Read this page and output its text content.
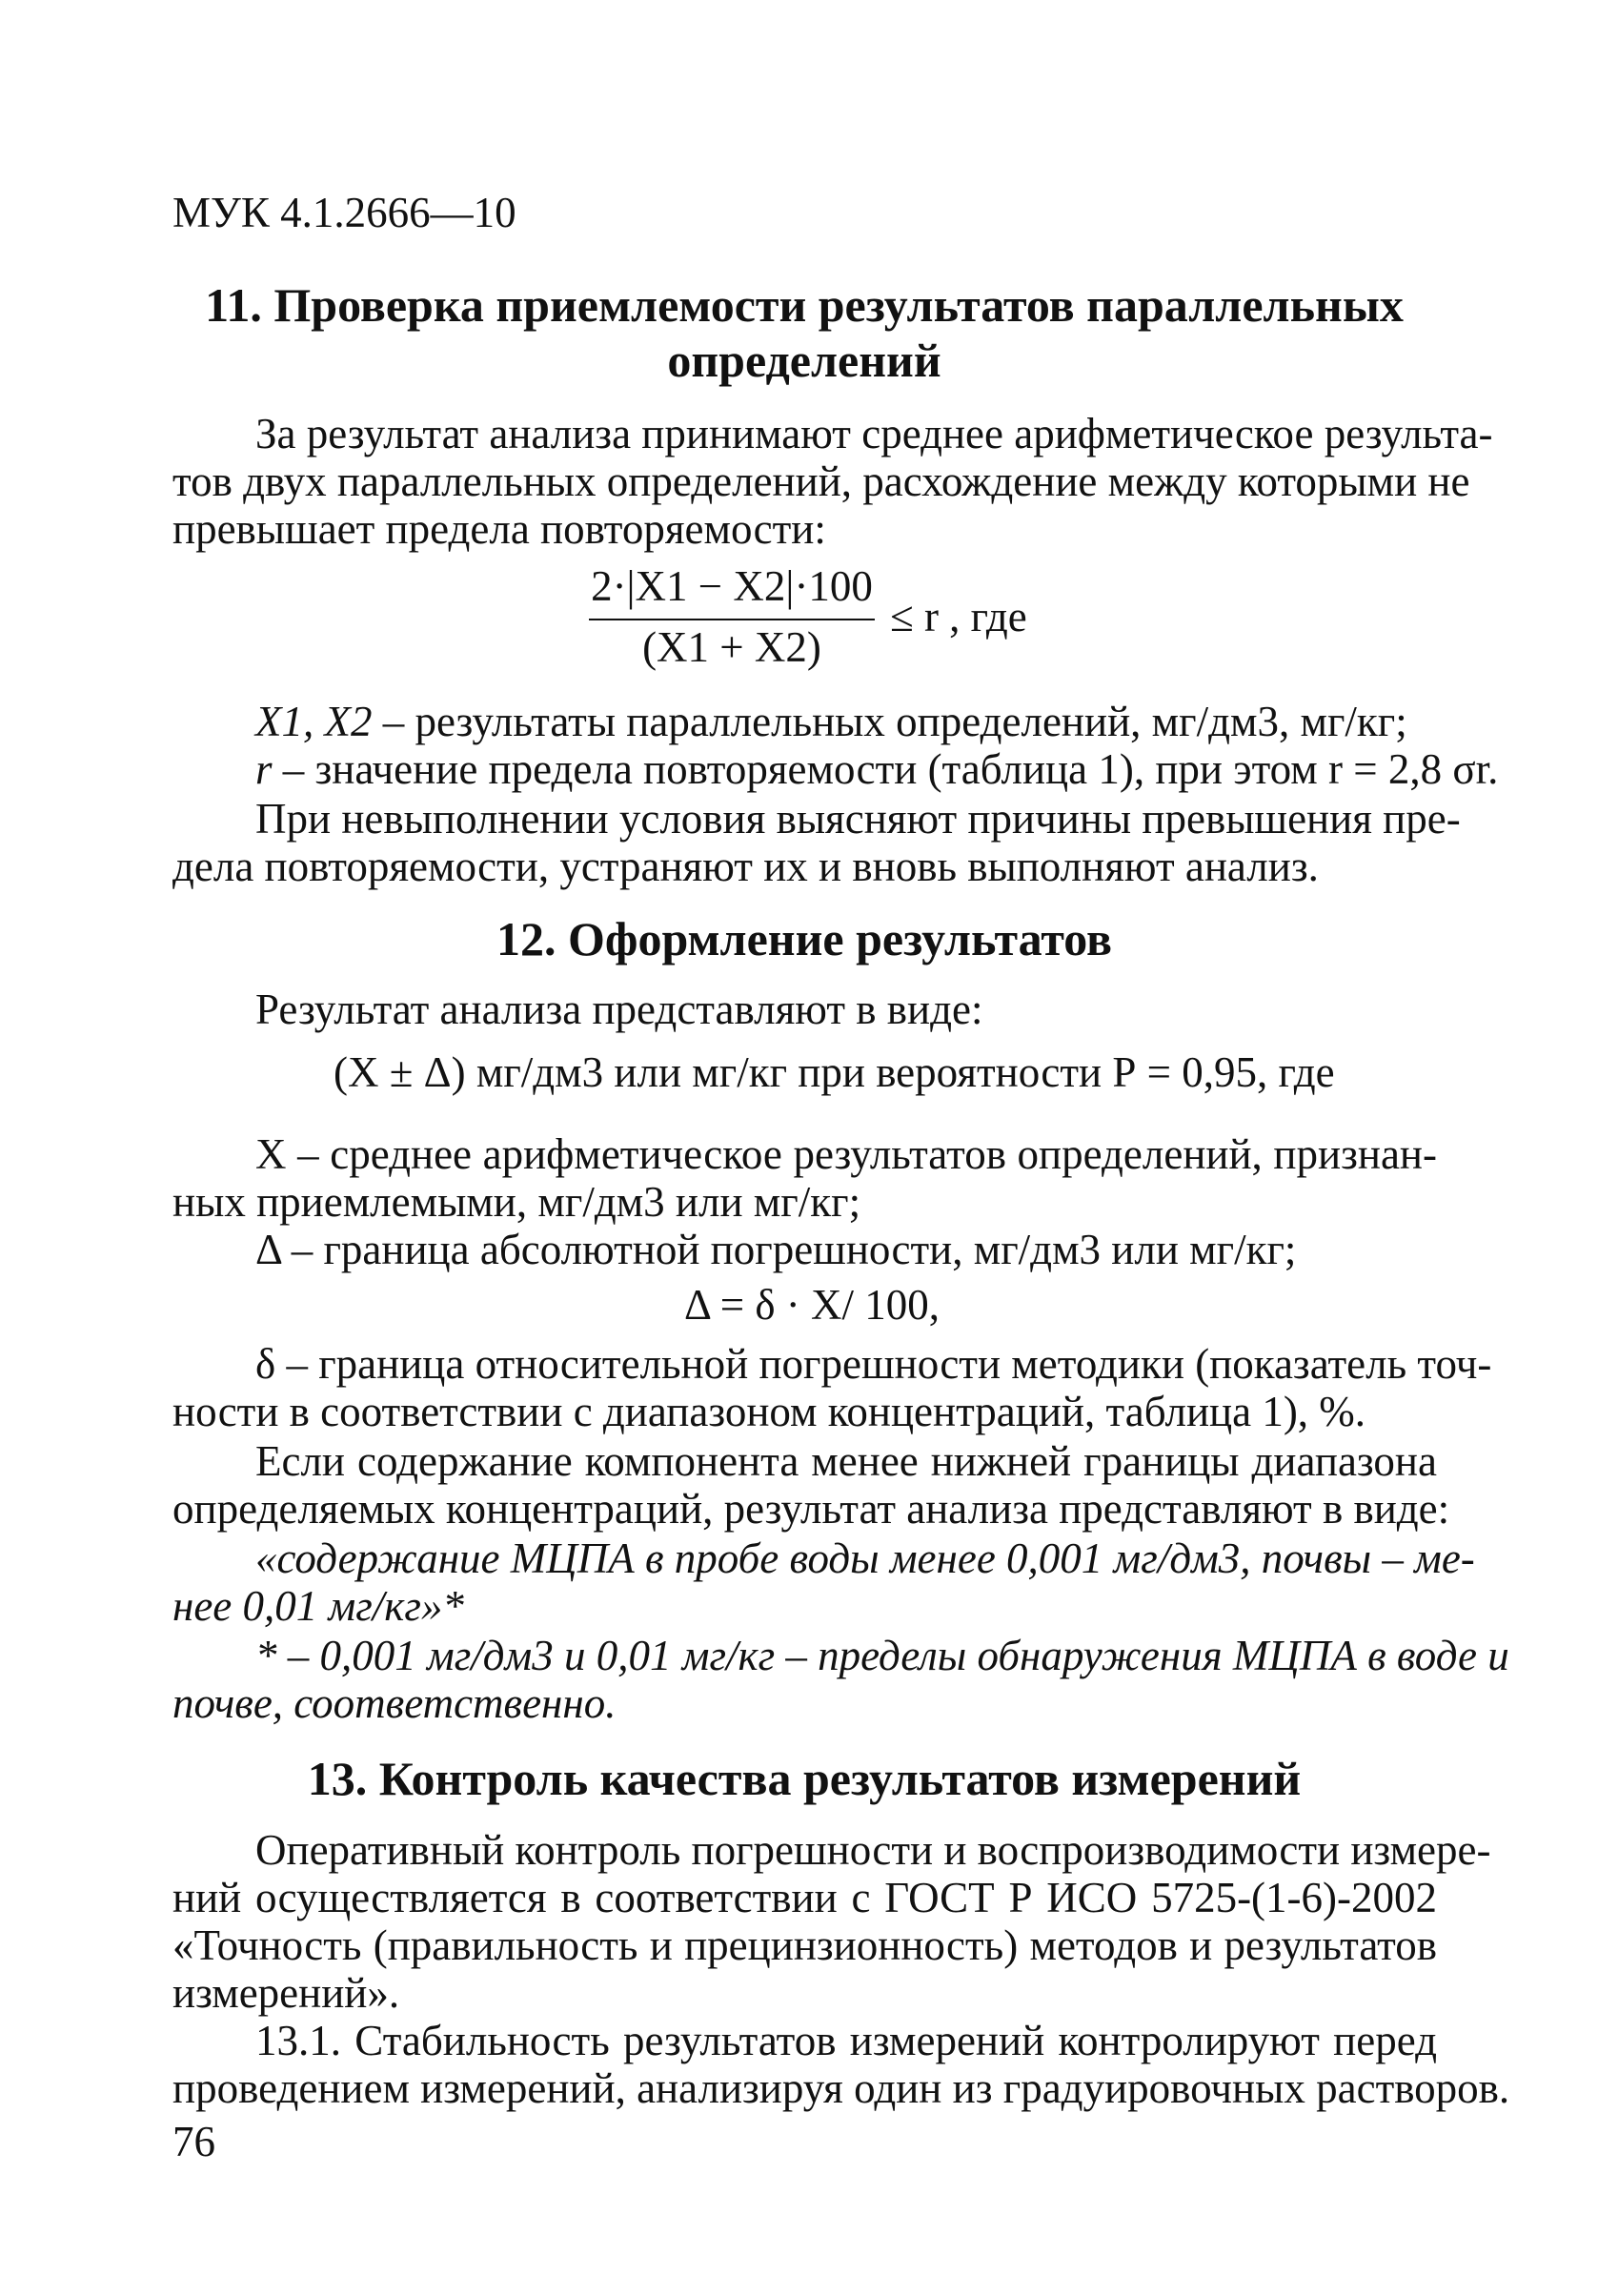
МУК 4.1.2666—10
11. Проверка приемлемости результатов параллельных
определений
За результат анализа принимают среднее арифметическое результа-
тов двух параллельных определений, расхождение между которыми не
превышает предела повторяемости:
2·|X1 − X2|·100
(X1 + X2)
≤ r , где
X1, X2 – результаты параллельных определений, мг/дм3, мг/кг;
r – значение предела повторяемости (таблица 1), при этом r = 2,8 σr.
При невыполнении условия выясняют причины превышения пре-
дела повторяемости, устраняют их и вновь выполняют анализ.
12. Оформление результатов
Результат анализа представляют в виде:
(X ± Δ) мг/дм3 или мг/кг при вероятности Р = 0,95, где
X – среднее арифметическое результатов определений, признан-
ных приемлемыми, мг/дм3 или мг/кг;
Δ – граница абсолютной погрешности, мг/дм3 или мг/кг;
Δ = δ · X/ 100,
δ – граница относительной погрешности методики (показатель точ-
ности в соответствии с диапазоном концентраций, таблица 1), %.
Если содержание компонента менее нижней границы диапазона
определяемых концентраций, результат анализа представляют в виде:
«содержание МЦПА в пробе воды менее 0,001 мг/дм3, почвы – ме-
нее 0,01 мг/кг»*
* – 0,001 мг/дм3 и 0,01 мг/кг – пределы обнаружения МЦПА в воде и
почве, соответственно.
13. Контроль качества результатов измерений
Оперативный контроль погрешности и воспроизводимости измере-
ний осуществляется в соответствии с ГОСТ Р ИСО 5725-(1-6)-2002
«Точность (правильность и прецинзионность) методов и результатов
измерений».
13.1. Стабильность результатов измерений контролируют перед
проведением измерений, анализируя один из градуировочных растворов.
76
